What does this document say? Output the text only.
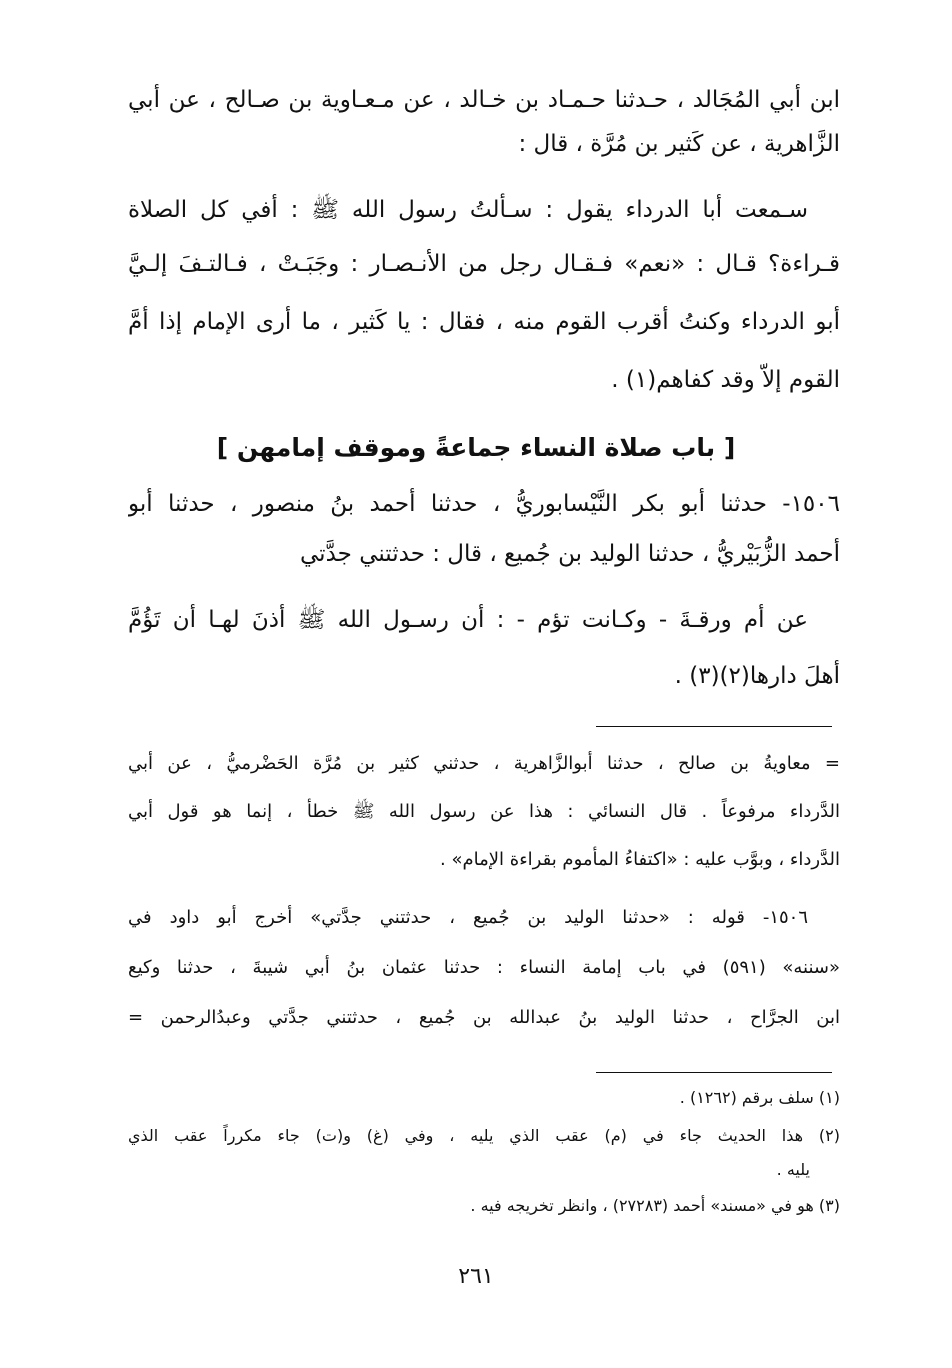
ابن أبي المُجَالد ، حـدثنا حـمـاد بن خـالد ، عن مـعـاوية بن صـالح ، عن أبي
الزَّاهرية ، عن كَثير بن مُرَّة ، قال :
سـمعت أبا الدرداء يقول : سـألتُ رسول الله ﷺ : أفي كل الصلاة
قـراءة؟ قـال : «نعم» فـقـال رجل من الأنـصـار : وجَبَـتْ ، فـالتـفَ إلـيَّ
أبو الدرداء وكنتُ أقرب القوم منه ، فقال : يا كَثير ، ما أرى الإمام إذا أمَّ
القوم إلاّ وقد كفاهم(١) .
[ باب صلاة النساء جماعةً وموقف إمامهن ]
١٥٠٦- حدثنا أبو بكر النَّيْسابوريُّ ، حدثنا أحمد بنُ منصور ، حدثنا أبو
أحمد الزُّبَيْريُّ ، حدثنا الوليد بن جُميع ، قال : حدثتني جدَّتي
عن أم ورقـةَ - وكـانت تؤم - : أن رسـول الله ﷺ أذنَ لهـا أن تَؤُمَّ
أهلَ دارها(٢)(٣) .
= معاويةُ بن صالح ، حدثنا أبوالزَّاهرية ، حدثني كثير بن مُرَّة الحَضْرميُّ ، عن أبي
الدَّرداء مرفوعاً . قال النسائي : هذا عن رسول الله ﷺ خطأ ، إنما هو قول أبي
الدَّرداء ، وبوَّب عليه : «اكتفاءُ المأموم بقراءة الإمام» .
١٥٠٦- قوله : «حدثنا الوليد بن جُميع ، حدثتني جدَّتي» أخرج أبو داود في
«سننه» (٥٩١) في باب إمامة النساء : حدثنا عثمان بنُ أبي شيبةَ ، حدثنا وكيع
ابن الجرَّاح ، حدثنا الوليد بنُ عبدالله بن جُميع ، حدثتني جدَّتي وعبدُالرحمن =
(١) سلف برقم (١٢٦٢) .
(٢) هذا الحديث جاء في (م) عقب الذي يليه ، وفي (غ) و(ت) جاء مكرراً عقب الذي
يليه .
(٣) هو في «مسند» أحمد (٢٧٢٨٣) ، وانظر تخريجه فيه .
٢٦١
